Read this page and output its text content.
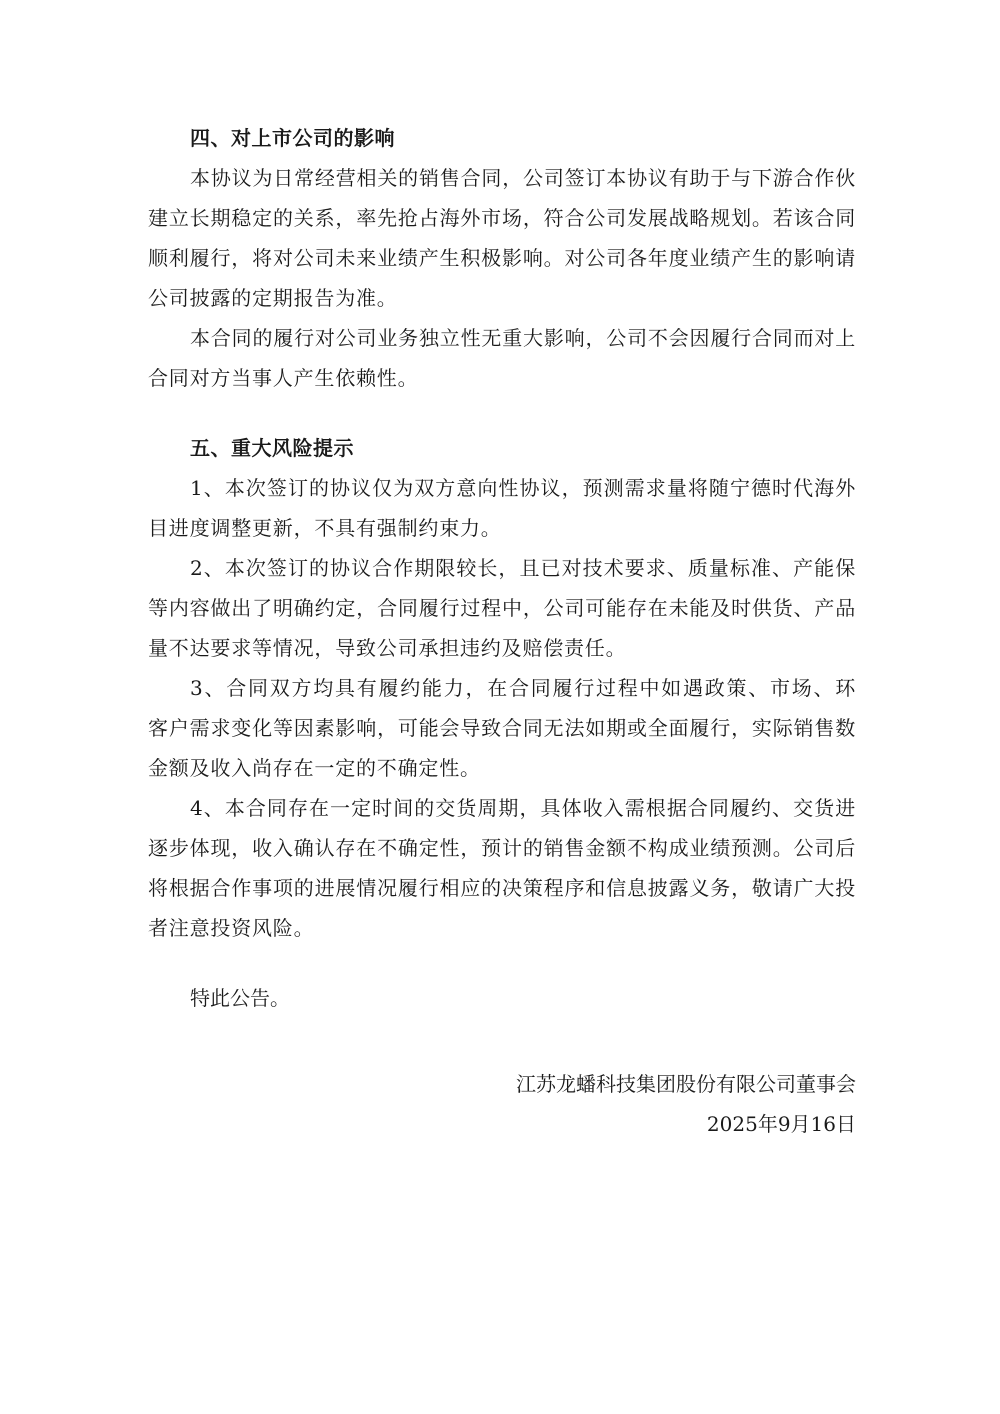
四、对上市公司的影响
本协议为日常经营相关的销售合同，公司签订本协议有助于与下游合作伙
建立长期稳定的关系，率先抢占海外市场，符合公司发展战略规划。若该合同
顺利履行，将对公司未来业绩产生积极影响。对公司各年度业绩产生的影响请
公司披露的定期报告为准。
本合同的履行对公司业务独立性无重大影响，公司不会因履行合同而对上
合同对方当事人产生依赖性。
五、重大风险提示
1、本次签订的协议仅为双方意向性协议，预测需求量将随宁德时代海外
目进度调整更新，不具有强制约束力。
2、本次签订的协议合作期限较长，且已对技术要求、质量标准、产能保
等内容做出了明确约定，合同履行过程中，公司可能存在未能及时供货、产品
量不达要求等情况，导致公司承担违约及赔偿责任。
3、合同双方均具有履约能力，在合同履行过程中如遇政策、市场、环
客户需求变化等因素影响，可能会导致合同无法如期或全面履行，实际销售数
金额及收入尚存在一定的不确定性。
4、本合同存在一定时间的交货周期，具体收入需根据合同履约、交货进
逐步体现，收入确认存在不确定性，预计的销售金额不构成业绩预测。公司后
将根据合作事项的进展情况履行相应的决策程序和信息披露义务，敬请广大投
者注意投资风险。

特此公告。

江苏龙蟠科技集团股份有限公司董事会
2025年9月16日
